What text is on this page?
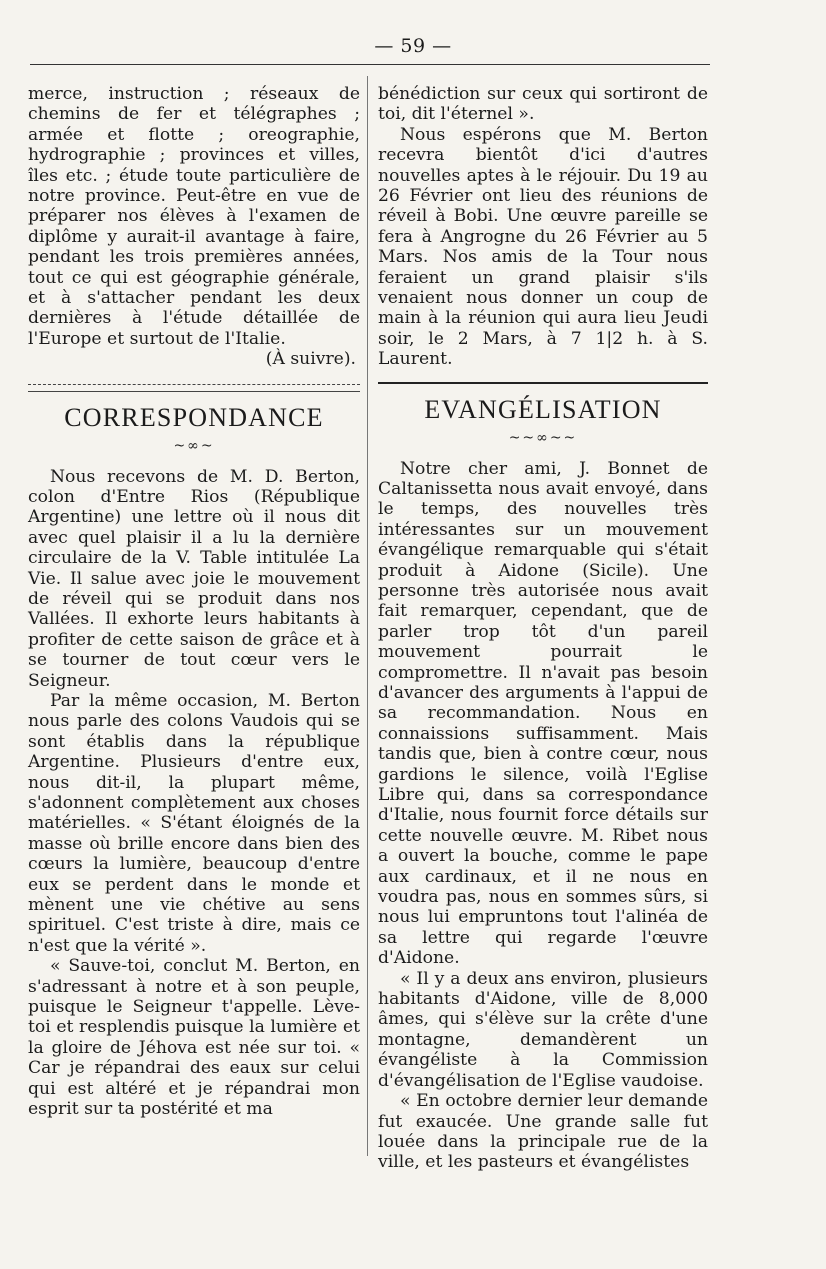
— 59 —

merce, instruction ; réseaux de chemins de fer et télégraphes ; armée et flotte ; oreographie, hydrographie ; provinces et villes, îles etc. ; étude toute particulière de notre province. Peut-être en vue de préparer nos élèves à l'examen de diplôme y aurait-il avantage à faire, pendant les trois premières années, tout ce qui est géographie générale, et à s'attacher pendant les deux dernières à l'étude détaillée de l'Europe et surtout de l'Italie.

(À suivre).

CORRESPONDANCE
~∞~

Nous recevons de M. D. Berton, colon d'Entre Rios (République Argentine) une lettre où il nous dit avec quel plaisir il a lu la dernière circulaire de la V. Table intitulée La Vie. Il salue avec joie le mouvement de réveil qui se produit dans nos Vallées. Il exhorte leurs habitants à profiter de cette saison de grâce et à se tourner de tout cœur vers le Seigneur.

Par la même occasion, M. Berton nous parle des colons Vaudois qui se sont établis dans la république Argentine. Plusieurs d'entre eux, nous dit-il, la plupart même, s'adonnent complètement aux choses matérielles. « S'étant éloignés de la masse où brille encore dans bien des cœurs la lumière, beaucoup d'entre eux se perdent dans le monde et mènent une vie chétive au sens spirituel. C'est triste à dire, mais ce n'est que la vérité ».

« Sauve-toi, conclut M. Berton, en s'adressant à notre et à son peuple, puisque le Seigneur t'appelle. Lève-toi et resplendis puisque la lumière et la gloire de Jéhova est née sur toi. « Car je répandrai des eaux sur celui qui est altéré et je répandrai mon esprit sur ta postérité et ma

bénédiction sur ceux qui sortiront de toi, dit l'éternel ».

Nous espérons que M. Berton recevra bientôt d'ici d'autres nouvelles aptes à le réjouir. Du 19 au 26 Février ont lieu des réunions de réveil à Bobi. Une œuvre pareille se fera à Angrogne du 26 Février au 5 Mars. Nos amis de la Tour nous feraient un grand plaisir s'ils venaient nous donner un coup de main à la réunion qui aura lieu Jeudi soir, le 2 Mars, à 7 1|2 h. à S. Laurent.

EVANGÉLISATION
~~∞~~

Notre cher ami, J. Bonnet de Caltanissetta nous avait envoyé, dans le temps, des nouvelles très intéressantes sur un mouvement évangélique remarquable qui s'était produit à Aidone (Sicile). Une personne très autorisée nous avait fait remarquer, cependant, que de parler trop tôt d'un pareil mouvement pourrait le compromettre. Il n'avait pas besoin d'avancer des arguments à l'appui de sa recommandation. Nous en connaissions suffisamment. Mais tandis que, bien à contre cœur, nous gardions le silence, voilà l'Eglise Libre qui, dans sa correspondance d'Italie, nous fournit force détails sur cette nouvelle œuvre. M. Ribet nous a ouvert la bouche, comme le pape aux cardinaux, et il ne nous en voudra pas, nous en sommes sûrs, si nous lui empruntons tout l'alinéa de sa lettre qui regarde l'œuvre d'Aidone.

« Il y a deux ans environ, plusieurs habitants d'Aidone, ville de 8,000 âmes, qui s'élève sur la crête d'une montagne, demandèrent un évangéliste à la Commission d'évangélisation de l'Eglise vaudoise.

« En octobre dernier leur demande fut exaucée. Une grande salle fut louée dans la principale rue de la ville, et les pasteurs et évangélistes
